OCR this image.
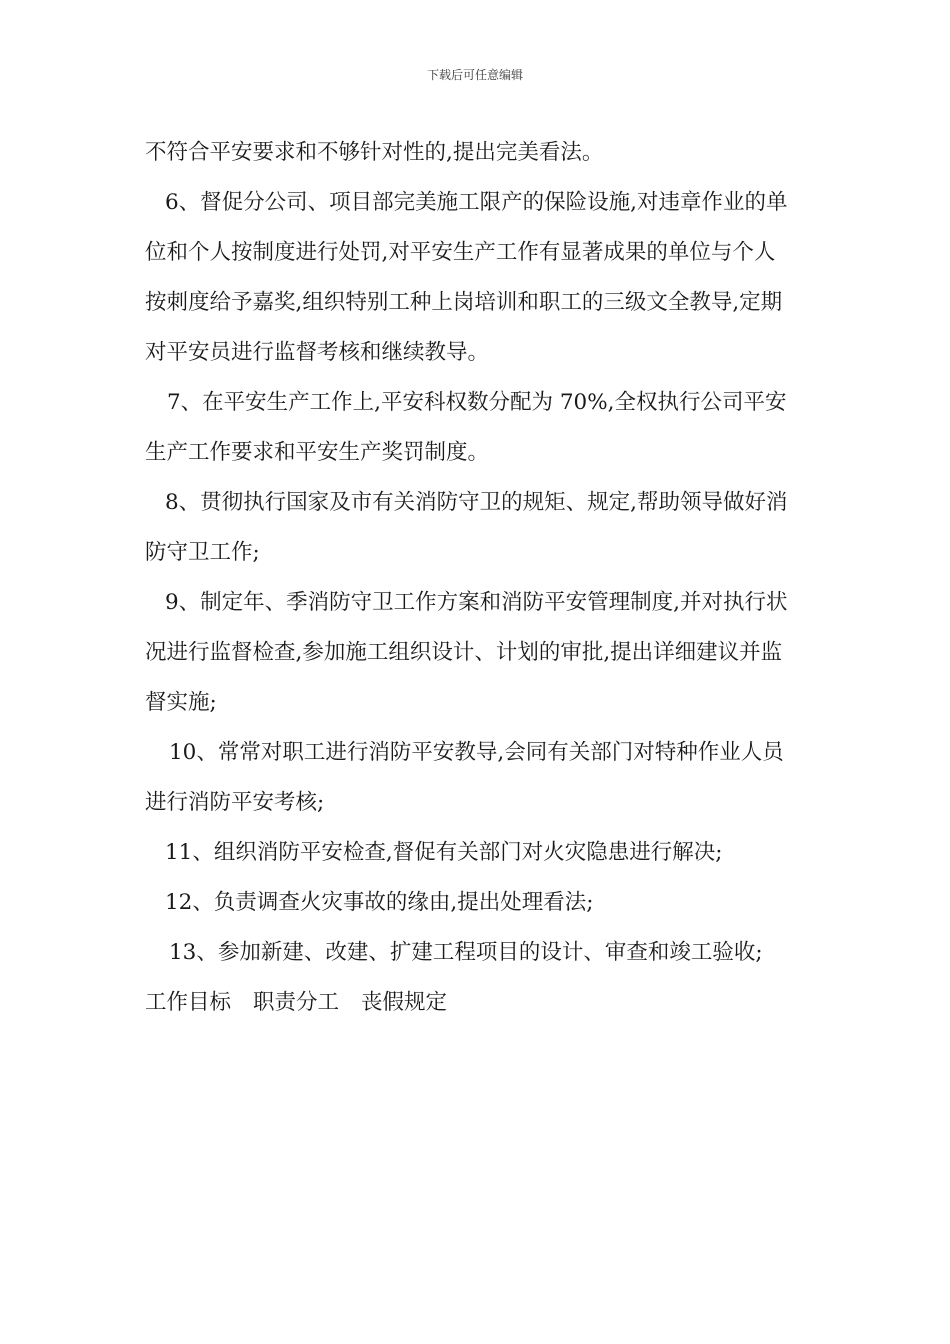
下载后可任意编辑
不符合平安要求和不够针对性的,提出完美看法。
6、督促分公司、项目部完美施工限产的保险设施,对违章作业的单
位和个人按制度进行处罚,对平安生产工作有显著成果的单位与个人
按刺度给予嘉奖,组织特别工种上岗培训和职工的三级文全教导,定期
对平安员进行监督考核和继续教导。
7、在平安生产工作上,平安科权数分配为 70%,全权执行公司平安
生产工作要求和平安生产奖罚制度。
8、贯彻执行国家及市有关消防守卫的规矩、规定,帮助领导做好消
防守卫工作;
9、制定年、季消防守卫工作方案和消防平安管理制度,并对执行状
况进行监督检查,参加施工组织设计、计划的审批,提出详细建议并监
督实施;
10、常常对职工进行消防平安教导,会同有关部门对特种作业人员
进行消防平安考核;
11、组织消防平安检查,督促有关部门对火灾隐患进行解决;
12、负责调查火灾事故的缘由,提出处理看法;
13、参加新建、改建、扩建工程项目的设计、审查和竣工验收;
工作目标 职责分工 丧假规定
